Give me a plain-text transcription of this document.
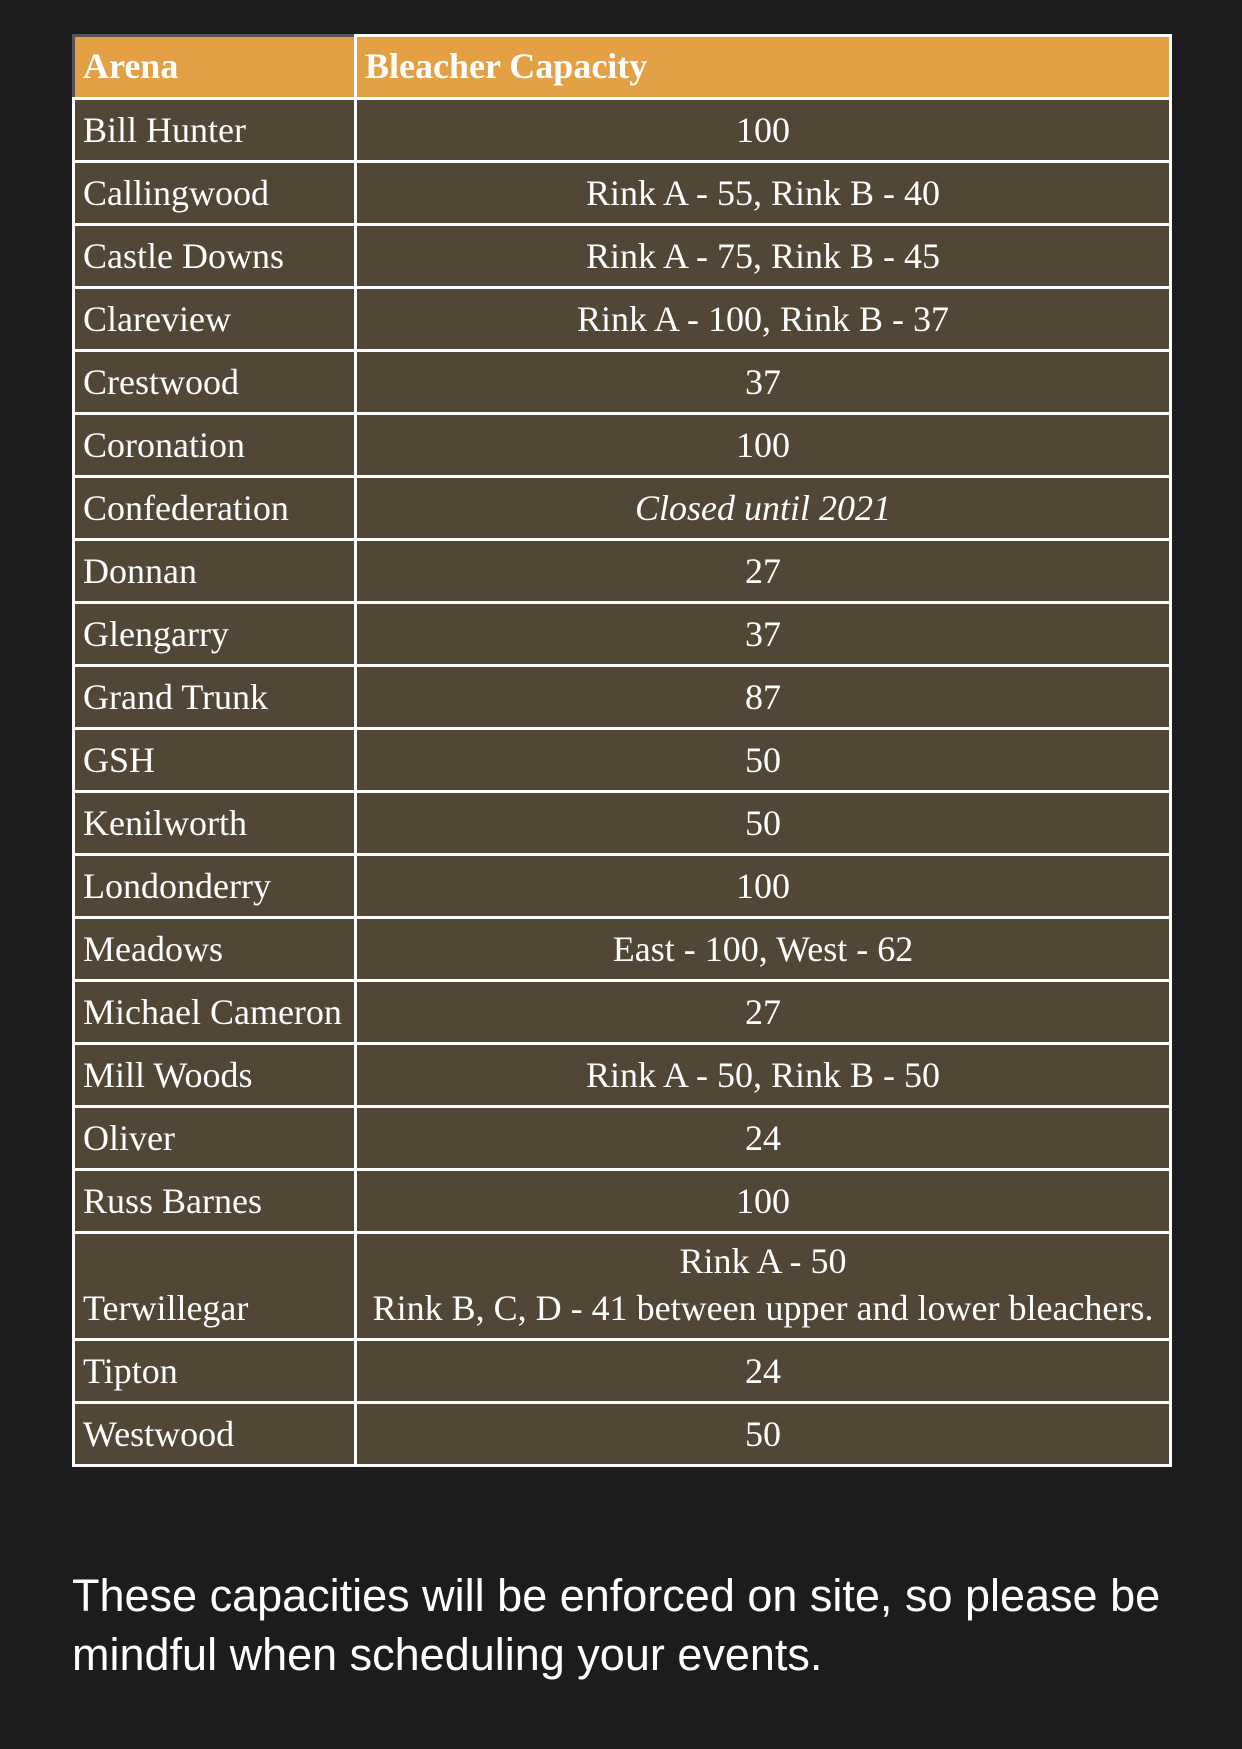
Arena	Bleacher Capacity
Bill Hunter	100

Callingwood	Rink A - 55, Rink B - 40

Castle Downs	Rink A - 75, Rink B - 45

Clareview	Rink A - 100, Rink B - 37

Crestwood	37

Coronation	100

Confederation	Closed until 2021

Donnan	27

Glengarry	37

Grand Trunk	87

GSH	50

Kenilworth	50

Londonderry	100

Meadows	East - 100, West - 62

Michael Cameron	27

Mill Woods	Rink A - 50, Rink B - 50

Oliver	24

Russ Barnes	100

Terwillegar	Rink A - 50
Rink B, C, D - 41 between upper and lower bleachers.

Tipton	24

Westwood	50

These capacities will be enforced on site, so please be mindful when scheduling your events.
